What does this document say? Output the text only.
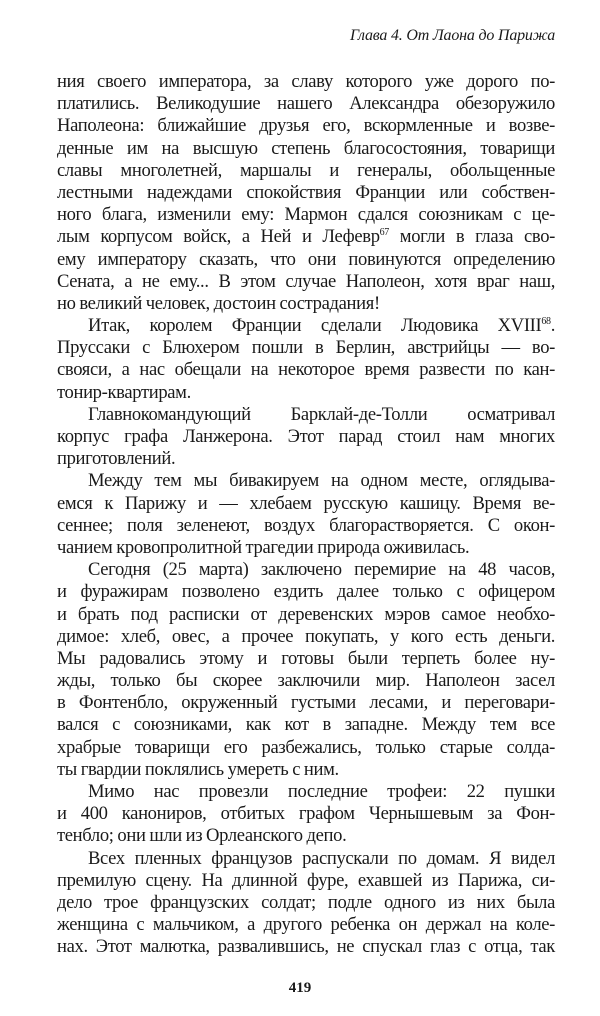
Глава 4. От Лаона до Парижа
ния своего императора, за славу которого уже дорого по-
платились. Великодушие нашего Александра обезоружило
Наполеона: ближайшие друзья его, вскормленные и возве-
денные им на высшую степень благосостояния, товарищи
славы многолетней, маршалы и генералы, обольщенные
лестными надеждами спокойствия Франции или собствен-
ного блага, изменили ему: Мармон сдался союзникам с це-
лым корпусом войск, а Ней и Лефевр$^{67}$ могли в глаза сво-
ему императору сказать, что они повинуются определению
Сената, а не ему... В этом случае Наполеон, хотя враг наш,
но великий человек, достоин сострадания!
Итак, королем Франции сделали Людовика XVIII$^{68}$.
Пруссаки с Блюхером пошли в Берлин, австрийцы — во-
свояси, а нас обещали на некоторое время развести по кан-
тонир-квартирам.
Главнокомандующий Барклай-де-Толли осматривал
корпус графа Ланжерона. Этот парад стоил нам многих
приготовлений.
Между тем мы бивакируем на одном месте, оглядыва-
емся к Парижу и — хлебаем русскую кашицу. Время ве-
сеннее; поля зеленеют, воздух благорастворяется. С окон-
чанием кровопролитной трагедии природа оживилась.
Сегодня (25 марта) заключено перемирие на 48 часов,
и фуражирам позволено ездить далее только с офицером
и брать под расписки от деревенских мэров самое необхо-
димое: хлеб, овес, а прочее покупать, у кого есть деньги.
Мы радовались этому и готовы были терпеть более ну-
жды, только бы скорее заключили мир. Наполеон засел
в Фонтенбло, окруженный густыми лесами, и переговари-
вался с союзниками, как кот в западне. Между тем все
храбрые товарищи его разбежались, только старые солда-
ты гвардии поклялись умереть с ним.
Мимо нас провезли последние трофеи: 22 пушки
и 400 канониров, отбитых графом Чернышевым за Фон-
тенбло; они шли из Орлеанского депо.
Всех пленных французов распускали по домам. Я видел
премилую сцену. На длинной фуре, ехавшей из Парижа, си-
дело трое французских солдат; подле одного из них была
женщина с мальчиком, а другого ребенка он держал на коле-
нах. Этот малютка, развалившись, не спускал глаз с отца, так
419
